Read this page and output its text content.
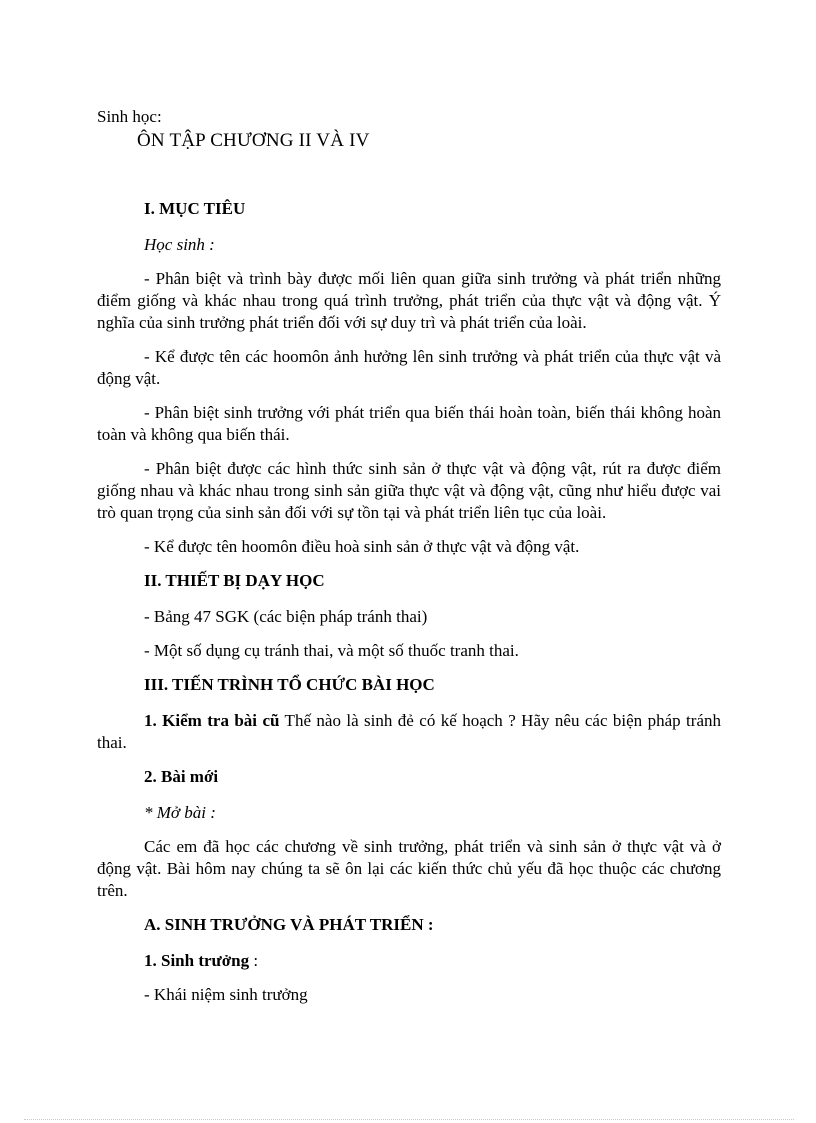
Sinh học:
ÔN TẬP CHƯƠNG II VÀ IV

I. MỤC TIÊU

Học sinh :

- Phân biệt và trình bày được mối liên quan giữa sinh trưởng và phát triển những điểm giống và khác nhau trong quá trình trưởng, phát triển của thực vật và động vật. Ý nghĩa của sinh trưởng phát triển đối với sự duy trì và phát triển của loài.

- Kể được tên các hoomôn ảnh hưởng lên sinh trưởng và phát triển của thực vật và động vật.

- Phân biệt sinh trưởng với phát triển qua biến thái hoàn toàn, biến thái không hoàn toàn và không qua biến thái.

- Phân biệt được các hình thức sinh sản ở thực vật và động vật, rút ra được điểm giống nhau và khác nhau trong sinh sản giữa thực vật và động vật, cũng như hiểu được vai trò quan trọng của sinh sản đối với sự tồn tại và phát triển liên tục của loài.

- Kể được tên hoomôn điều hoà sinh sản ở thực vật và động vật.

II. THIẾT BỊ DẠY HỌC

- Bảng 47 SGK (các biện pháp tránh thai)

- Một số dụng cụ tránh thai, và một số thuốc tranh thai.

III. TIẾN TRÌNH TỔ CHỨC BÀI HỌC

1. Kiểm tra bài cũ Thế nào là sinh đẻ có kế hoạch ? Hãy nêu các biện pháp tránh thai.

2. Bài mới

* Mở bài :

Các em đã học các chương về sinh trưởng, phát triển và sinh sản ở thực vật và ở động vật. Bài hôm nay chúng ta sẽ ôn lại các kiến thức chủ yếu đã học thuộc các chương trên.

A. SINH TRƯỞNG VÀ PHÁT TRIỂN :

1. Sinh trưởng :

- Khái niệm sinh trưởng
